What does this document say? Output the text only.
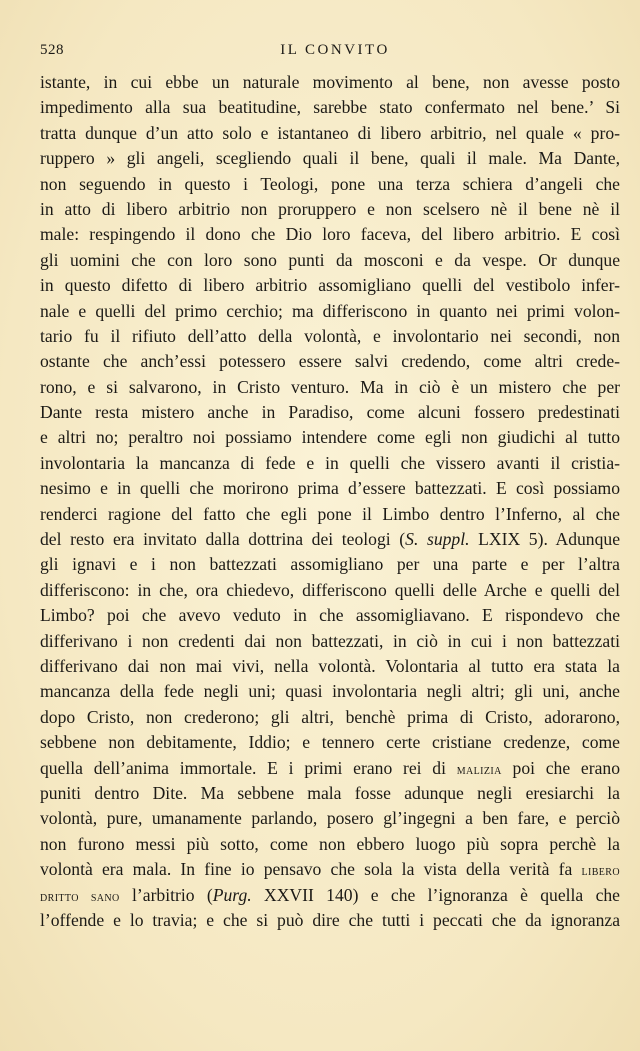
528	IL CONVITO
istante, in cui ebbe un naturale movimento al bene, non avesse posto
impedimento alla sua beatitudine, sarebbe stato confermato nel bene.’ Si
tratta dunque d’un atto solo e istantaneo di libero arbitrio, nel quale « pro-
ruppero » gli angeli, scegliendo quali il bene, quali il male. Ma Dante,
non seguendo in questo i Teologi, pone una terza schiera d’angeli che
in atto di libero arbitrio non proruppero e non scelsero nè il bene nè il
male: respingendo il dono che Dio loro faceva, del libero arbitrio. E così
gli uomini che con loro sono punti da mosconi e da vespe. Or dunque
in questo difetto di libero arbitrio assomigliano quelli del vestibolo infer-
nale e quelli del primo cerchio; ma differiscono in quanto nei primi volon-
tario fu il rifiuto dell’atto della volontà, e involontario nei secondi, non
ostante che anch’essi potessero essere salvi credendo, come altri crede-
rono, e si salvarono, in Cristo venturo. Ma in ciò è un mistero che per
Dante resta mistero anche in Paradiso, come alcuni fossero predestinati
e altri no; peraltro noi possiamo intendere come egli non giudichi al tutto
involontaria la mancanza di fede e in quelli che vissero avanti il cristia-
nesimo e in quelli che morirono prima d’essere battezzati. E così possiamo
renderci ragione del fatto che egli pone il Limbo dentro l’Inferno, al che
del resto era invitato dalla dottrina dei teologi (S. suppl. LXIX 5). Adunque
gli ignavi e i non battezzati assomigliano per una parte e per l’altra
differiscono: in che, ora chiedevo, differiscono quelli delle Arche e quelli del
Limbo? poi che avevo veduto in che assomigliavano. E rispondevo che
differivano i non credenti dai non battezzati, in ciò in cui i non battezzati
differivano dai non mai vivi, nella volontà. Volontaria al tutto era stata la
mancanza della fede negli uni; quasi involontaria negli altri; gli uni, anche
dopo Cristo, non crederono; gli altri, benchè prima di Cristo, adorarono,
sebbene non debitamente, Iddio; e tennero certe cristiane credenze, come
quella dell’anima immortale. E i primi erano rei di malizia poi che erano
puniti dentro Dite. Ma sebbene mala fosse adunque negli eresiarchi la
volontà, pure, umanamente parlando, posero gl’ingegni a ben fare, e perciò
non furono messi più sotto, come non ebbero luogo più sopra perchè la
volontà era mala. In fine io pensavo che sola la vista della verità fa libero
dritto sano l’arbitrio (Purg. XXVII 140) e che l’ignoranza è quella che
l’offende e lo travia; e che si può dire che tutti i peccati che da ignoranza
